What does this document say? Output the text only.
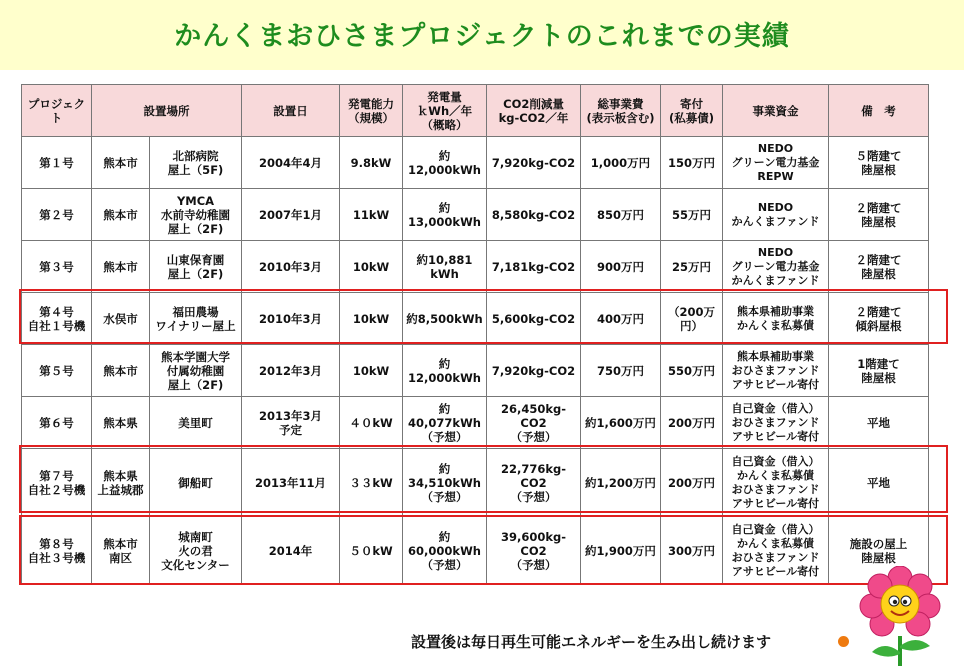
かんくまおひさまプロジェクトのこれまでの実績
プロジェクト	設置場所		設置日	発電能力
（規模）	発電量
ｋWh／年
（概略）	CO2削減量
kg-CO2／年	総事業費
(表示板含む)	寄付
(私募債)	事業資金	備　考
第１号	熊本市	北部病院
屋上（5F)	2004年4月	9.8kW	約
12,000kWh	7,920kg-CO2	1,000万円	150万円	NEDO
グリーン電力基金
REPW	５階建て
陸屋根
第２号	熊本市	YMCA
水前寺幼稚園
屋上（2F)	2007年1月	11kW	約
13,000kWh	8,580kg-CO2	850万円	55万円	NEDO
かんくまファンド	２階建て
陸屋根
第３号	熊本市	山東保育園
屋上（2F)	2010年3月	10kW	約10,881
kWh	7,181kg-CO2	900万円	25万円	NEDO
グリーン電力基金
かんくまファンド	２階建て
陸屋根
第４号
自社１号機	水俣市	福田農場
ワイナリー屋上	2010年3月	10kW	約8,500kWh	5,600kg-CO2	400万円	（200万
円）	熊本県補助事業
かんくま私募債	２階建て
傾斜屋根
第５号	熊本市	熊本学園大学
付属幼稚園
屋上（2F)	2012年3月	10kW	約
12,000kWh	7,920kg-CO2	750万円	550万円	熊本県補助事業
おひさまファンド
アサヒビール寄付	1階建て
陸屋根
第６号	熊本県	美里町	2013年3月
予定	４０kW	約
40,077kWh
（予想）	26,450kg-CO2
（予想）	約1,600万円	200万円	自己資金（借入）
おひさまファンド
アサヒビール寄付	平地
第７号
自社２号機	熊本県
上益城郡	御船町	2013年11月	３３kW	約
34,510kWh
（予想）	22,776kg-CO2
（予想）	約1,200万円	200万円	自己資金（借入）
かんくま私募債
おひさまファンド
アサヒビール寄付	平地
第８号
自社３号機	熊本市
南区	城南町
火の君
文化センター	2014年	５０kW	約
60,000kWh
（予想）	39,600kg-CO2
（予想）	約1,900万円	300万円	自己資金（借入）
かんくま私募債
おひさまファンド
アサヒビール寄付	施設の屋上
陸屋根
設置後は毎日再生可能エネルギーを生み出し続けます
